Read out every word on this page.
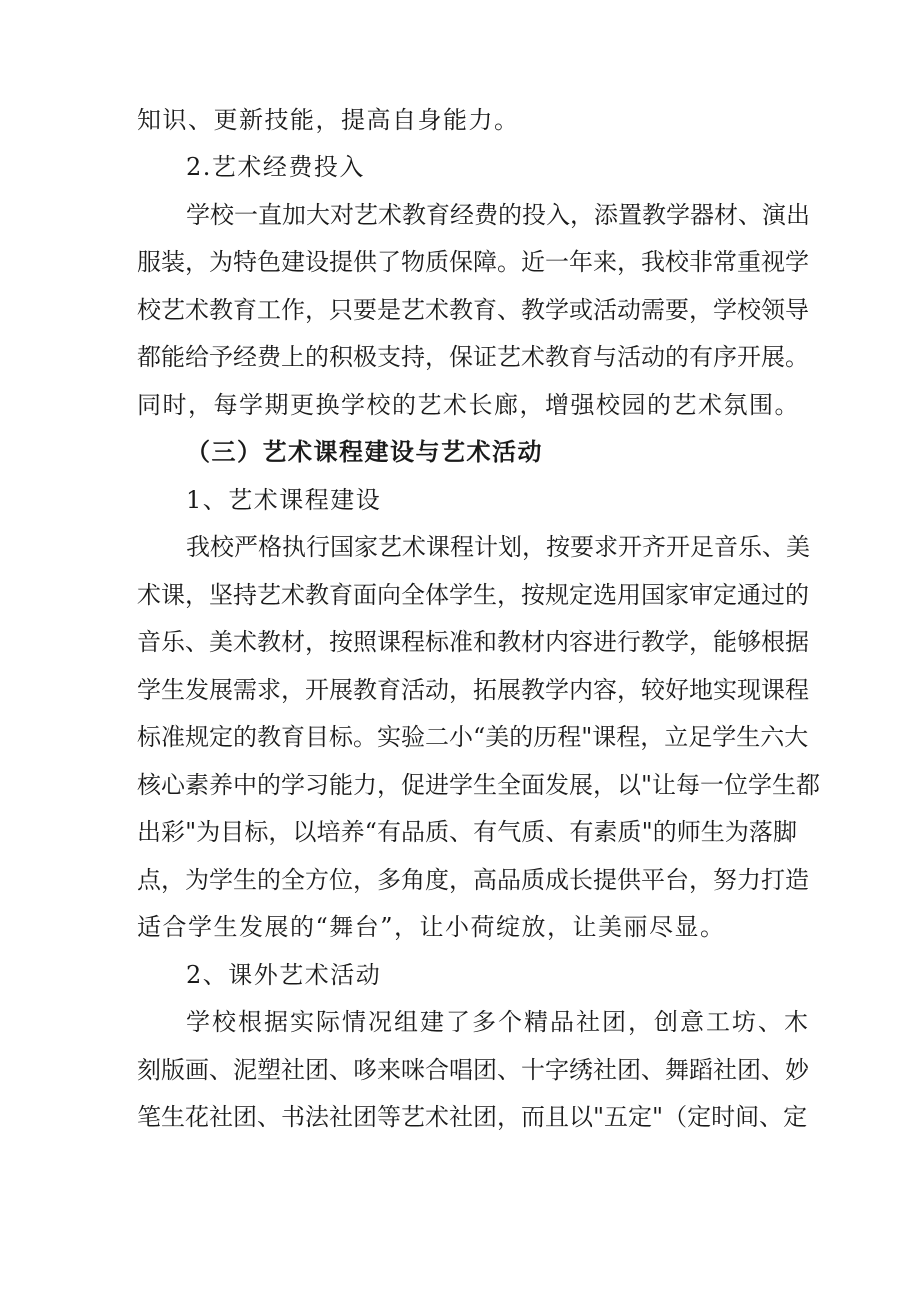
知识、更新技能，提高自身能力。
2.艺术经费投入
学校一直加大对艺术教育经费的投入，添置教学器材、演出
服装，为特色建设提供了物质保障。近一年来，我校非常重视学
校艺术教育工作，只要是艺术教育、教学或活动需要，学校领导
都能给予经费上的积极支持，保证艺术教育与活动的有序开展。
同时，每学期更换学校的艺术长廊，增强校园的艺术氛围。
（三）艺术课程建设与艺术活动
1、艺术课程建设
我校严格执行国家艺术课程计划，按要求开齐开足音乐、美
术课，坚持艺术教育面向全体学生，按规定选用国家审定通过的
音乐、美术教材，按照课程标准和教材内容进行教学，能够根据
学生发展需求，开展教育活动，拓展教学内容，较好地实现课程
标准规定的教育目标。实验二小“美的历程"课程，立足学生六大
核心素养中的学习能力，促进学生全面发展，以"让每一位学生都
出彩"为目标，以培养“有品质、有气质、有素质"的师生为落脚
点，为学生的全方位，多角度，高品质成长提供平台，努力打造
适合学生发展的“舞台”，让小荷绽放，让美丽尽显。
2、课外艺术活动
学校根据实际情况组建了多个精品社团，创意工坊、木
刻版画、泥塑社团、哆来咪合唱团、十字绣社团、舞蹈社团、妙
笔生花社团、书法社团等艺术社团，而且以"五定"（定时间、定
